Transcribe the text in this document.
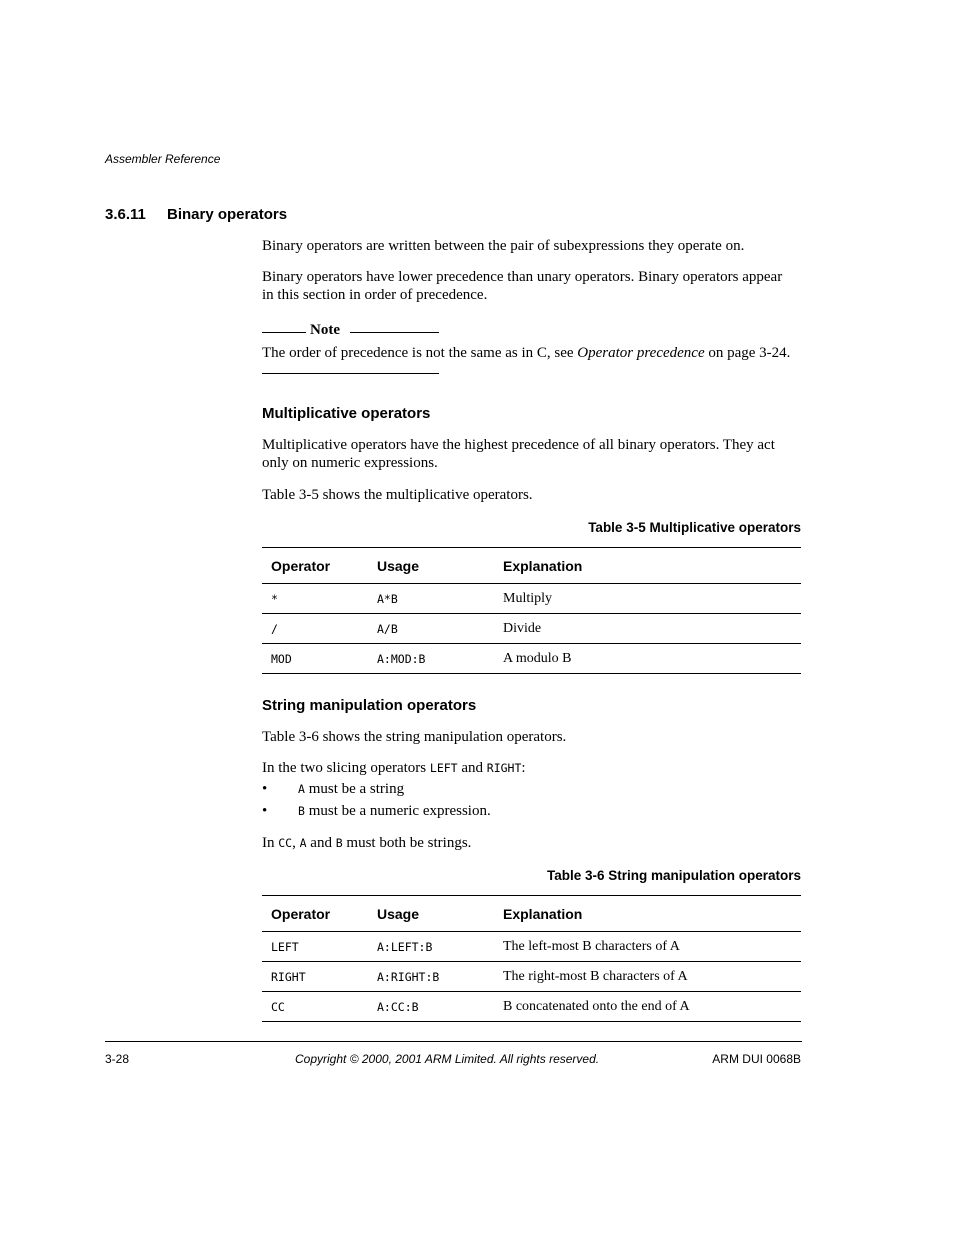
Assembler Reference
3.6.11 Binary operators

Binary operators are written between the pair of subexpressions they operate on.

Binary operators have lower precedence than unary operators. Binary operators appear

in this section in order of precedence.

Note

The order of precedence is not the same as in C, see Operator precedence on page 3-24.

Multiplicative operators

Multiplicative operators have the highest precedence of all binary operators. They act

only on numeric expressions.

Table 3-5 shows the multiplicative operators.

Table 3-5 Multiplicative operators
Operator	Usage	Explanation
*	A*B	Multiply
/	A/B	Divide
MOD	A:MOD:B	A modulo B
String manipulation operators

Table 3-6 shows the string manipulation operators.

In the two slicing operators LEFT and RIGHT:

•	A must be a string
•	B must be a numeric expression.

In CC, A and B must both be strings.

Table 3-6 String manipulation operators
Operator	Usage	Explanation
LEFT	A:LEFT:B	The left-most B characters of A
RIGHT	A:RIGHT:B	The right-most B characters of A
CC	A:CC:B	B concatenated onto the end of A
3-28	Copyright © 2000, 2001 ARM Limited. All rights reserved.	ARM DUI 0068B
